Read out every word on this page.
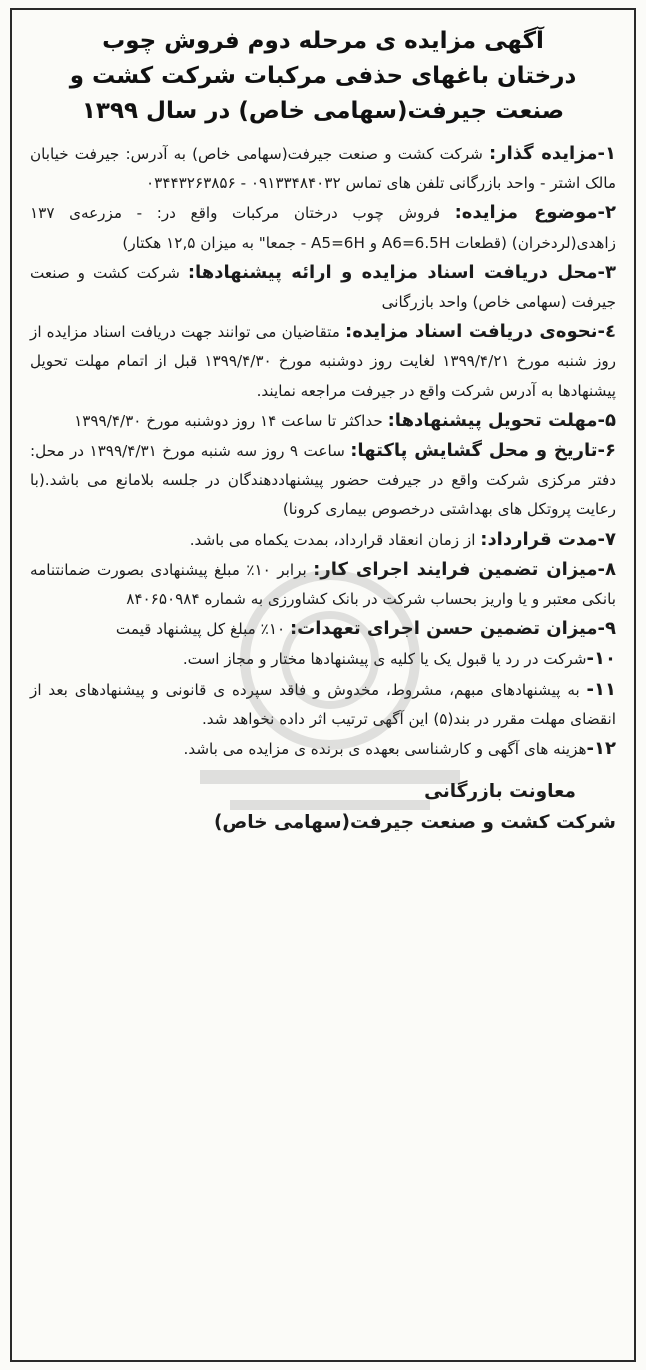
آگهی مزایده ی مرحله دوم فروش چوب
درختان باغهای حذفی مرکبات شرکت کشت و
صنعت جیرفت(سهامی خاص) در سال ۱۳۹۹

۱-مزایده گذار: شرکت کشت و صنعت جیرفت(سهامی خاص) به آدرس: جیرفت خیابان مالک اشتر - واحد بازرگانی تلفن های تماس ۰۹۱۳۳۴۸۴۰۳۲ - ۰۳۴۴۳۲۶۳۸۵۶

۲-موضوع مزایده: فروش چوب درختان مرکبات واقع در: - مزرعه‌ی ۱۳۷ زاهدی(لردخران) (قطعات A6=6.5H و A5=6H - جمعا" به میزان ۱۲,۵ هکتار)

۳-محل دریافت اسناد مزایده و ارائه پیشنهادها: شرکت کشت و صنعت جیرفت (سهامی خاص) واحد بازرگانی

٤-نحوه‌ی دریافت اسناد مزایده: متقاضیان می توانند جهت دریافت اسناد مزایده از روز شنبه مورخ ۱۳۹۹/۴/۲۱ لغایت روز دوشنبه مورخ ۱۳۹۹/۴/۳۰ قبل از اتمام مهلت تحویل پیشنهادها به آدرس شرکت واقع در جیرفت مراجعه نمایند.

۵-مهلت تحویل پیشنهادها: حداکثر تا ساعت ۱۴ روز دوشنبه مورخ ۱۳۹۹/۴/۳۰

۶-تاریخ و محل گشایش پاکتها: ساعت ۹ روز سه شنبه مورخ ۱۳۹۹/۴/۳۱ در محل: دفتر مرکزی شرکت واقع در جیرفت حضور پیشنهاددهندگان در جلسه بلامانع می باشد.(با رعایت پروتکل های بهداشتی درخصوص بیماری کرونا)

۷-مدت قرارداد: از زمان انعقاد قرارداد، بمدت یکماه می باشد.

۸-میزان تضمین فرایند اجرای کار: برابر ۱۰٪ مبلغ پیشنهادی بصورت ضمانتنامه بانکی معتبر و یا واریز بحساب شرکت در بانک کشاورزی به شماره ۸۴۰۶۵۰۹۸۴

۹-میزان تضمین حسن اجرای تعهدات: ۱۰٪ مبلغ کل پیشنهاد قیمت

۱۰-شرکت در رد یا قبول یک یا کلیه ی پیشنهادها مختار و مجاز است.

۱۱- به پیشنهادهای مبهم، مشروط، مخدوش و فاقد سپرده ی قانونی و پیشنهادهای بعد از انقضای مهلت مقرر در بند(۵) این آگهی ترتیب اثر داده نخواهد شد.

۱۲-هزینه های آگهی و کارشناسی بعهده ی برنده ی مزایده می باشد.

معاونت بازرگانی
شرکت کشت و صنعت جیرفت(سهامی خاص)
